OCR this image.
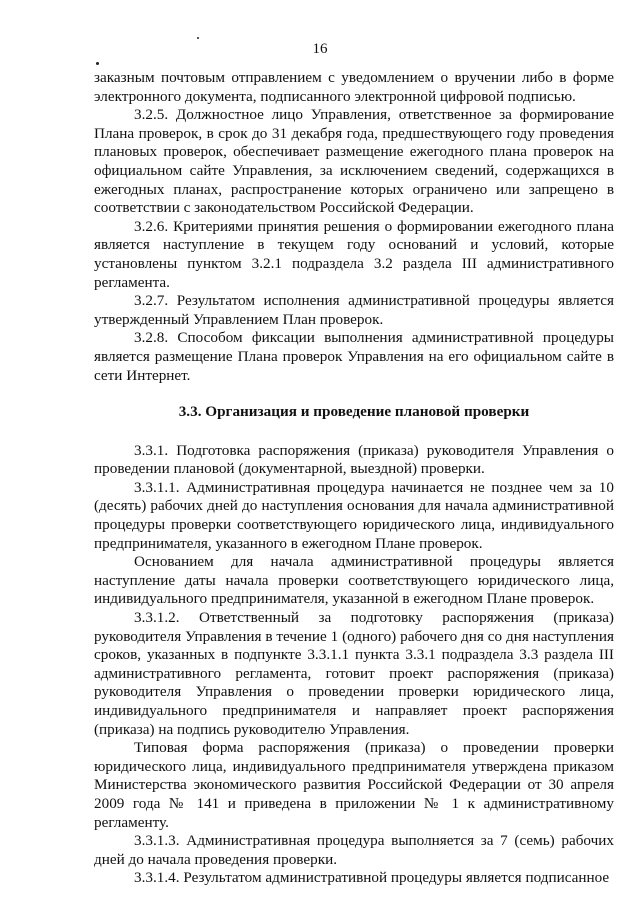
16

заказным почтовым отправлением с уведомлением о вручении либо в форме электронного документа, подписанного электронной цифровой подписью.

3.2.5. Должностное лицо Управления, ответственное за формирование Плана проверок, в срок до 31 декабря года, предшествующего году проведения плановых проверок, обеспечивает размещение ежегодного плана проверок на официальном сайте Управления, за исключением сведений, содержащихся в ежегодных планах, распространение которых ограничено или запрещено в соответствии с законодательством Российской Федерации.

3.2.6. Критериями принятия решения о формировании ежегодного плана является наступление в текущем году оснований и условий, которые установлены пунктом 3.2.1 подраздела 3.2 раздела III административного регламента.

3.2.7. Результатом исполнения административной процедуры является утвержденный Управлением План проверок.

3.2.8. Способом фиксации выполнения административной процедуры является размещение Плана проверок Управления на его официальном сайте в сети Интернет.

3.3. Организация и проведение плановой проверки

3.3.1. Подготовка распоряжения (приказа) руководителя Управления о проведении плановой (документарной, выездной) проверки.

3.3.1.1. Административная процедура начинается не позднее чем за 10 (десять) рабочих дней до наступления основания для начала административной процедуры проверки соответствующего юридического лица, индивидуального предпринимателя, указанного в ежегодном Плане проверок.

Основанием для начала административной процедуры является наступление даты начала проверки соответствующего юридического лица, индивидуального предпринимателя, указанной в ежегодном Плане проверок.

3.3.1.2. Ответственный за подготовку распоряжения (приказа) руководителя Управления в течение 1 (одного) рабочего дня со дня наступления сроков, указанных в подпункте 3.3.1.1 пункта 3.3.1 подраздела 3.3 раздела III административного регламента, готовит проект распоряжения (приказа) руководителя Управления о проведении проверки юридического лица, индивидуального предпринимателя и направляет проект распоряжения (приказа) на подпись руководителю Управления.

Типовая форма распоряжения (приказа) о проведении проверки юридического лица, индивидуального предпринимателя утверждена приказом Министерства экономического развития Российской Федерации от 30 апреля 2009 года № 141 и приведена в приложении № 1 к административному регламенту.

3.3.1.3. Административная процедура выполняется за 7 (семь) рабочих дней до начала проведения проверки.

3.3.1.4. Результатом административной процедуры является подписанное
